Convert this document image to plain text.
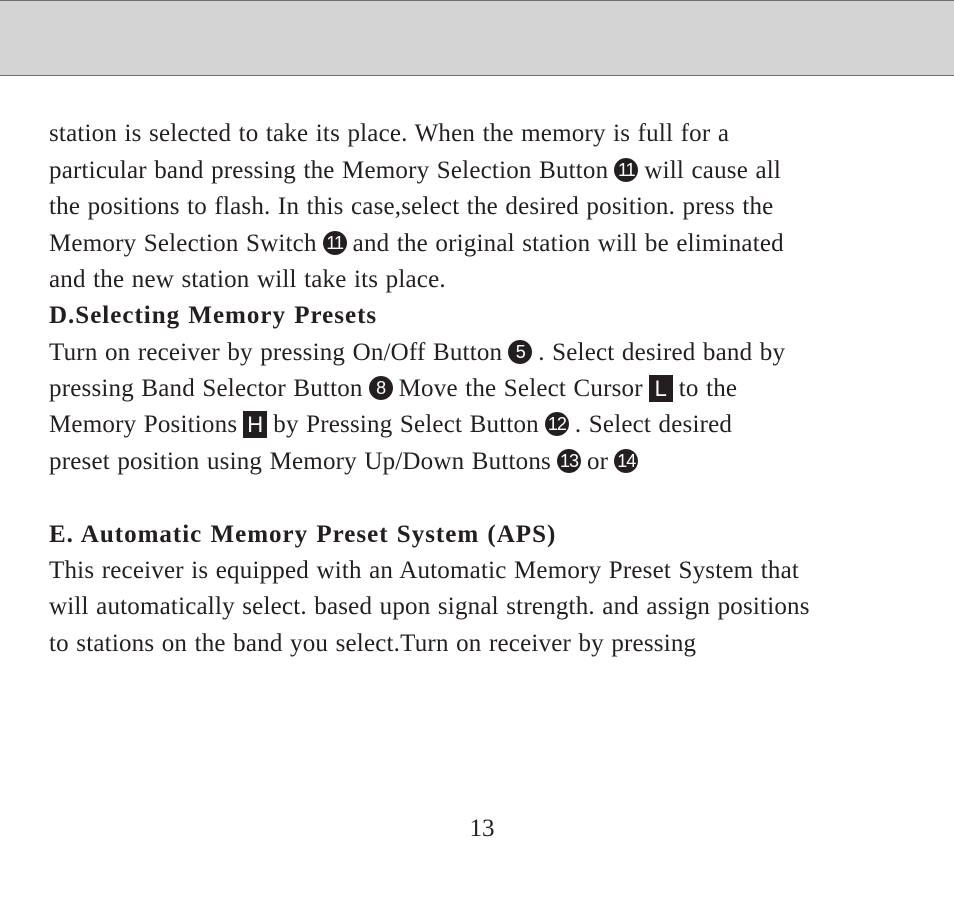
station is selected to take its place. When the memory is full for a
particular band pressing the Memory Selection Button 11 will cause all
the positions to flash. In this case,select the desired position. press the
Memory Selection Switch 11 and the original station will be eliminated
and the new station will take its place.
D.Selecting Memory Presets
Turn on receiver by pressing On/Off Button 5 . Select desired band by
pressing Band Selector Button 8 Move the Select Cursor L to the
Memory Positions H by Pressing Select Button 12 . Select desired
preset position using Memory Up/Down Buttons 13 or 14
E. Automatic Memory Preset System (APS)
This receiver is equipped with an Automatic Memory Preset System that
will automatically select. based upon signal strength. and assign positions
to stations on the band you select.Turn on receiver by pressing
13
